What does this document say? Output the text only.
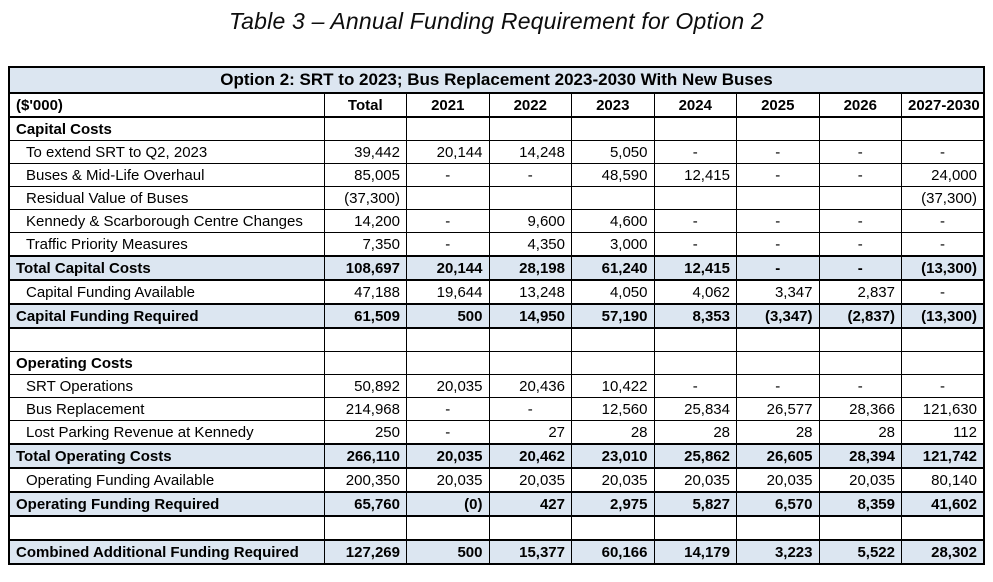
Table 3 – Annual Funding Requirement for Option 2
Option 2: SRT to 2023; Bus Replacement 2023-2030 With New Buses								
($'000)	Total	2021	2022	2023	2024	2025	2026	2027-2030
Capital Costs								
To extend SRT to Q2, 2023	39,442	20,144	14,248	5,050	-	-	-	-
Buses & Mid-Life Overhaul	85,005	-	-	48,590	12,415	-	-	24,000
Residual Value of Buses	(37,300)							(37,300)
Kennedy & Scarborough Centre Changes	14,200	-	9,600	4,600	-	-	-	-
Traffic Priority Measures	7,350	-	4,350	3,000	-	-	-	-
Total Capital Costs	108,697	20,144	28,198	61,240	12,415	-	-	(13,300)
Capital Funding Available	47,188	19,644	13,248	4,050	4,062	3,347	2,837	-
Capital Funding Required	61,509	500	14,950	57,190	8,353	(3,347)	(2,837)	(13,300)

Operating Costs								
SRT Operations	50,892	20,035	20,436	10,422	-	-	-	-
Bus Replacement	214,968	-	-	12,560	25,834	26,577	28,366	121,630
Lost Parking Revenue at Kennedy	250	-	27	28	28	28	28	112
Total Operating Costs	266,110	20,035	20,462	23,010	25,862	26,605	28,394	121,742
Operating Funding Available	200,350	20,035	20,035	20,035	20,035	20,035	20,035	80,140
Operating Funding Required	65,760	(0)	427	2,975	5,827	6,570	8,359	41,602

Combined Additional Funding Required	127,269	500	15,377	60,166	14,179	3,223	5,522	28,302
